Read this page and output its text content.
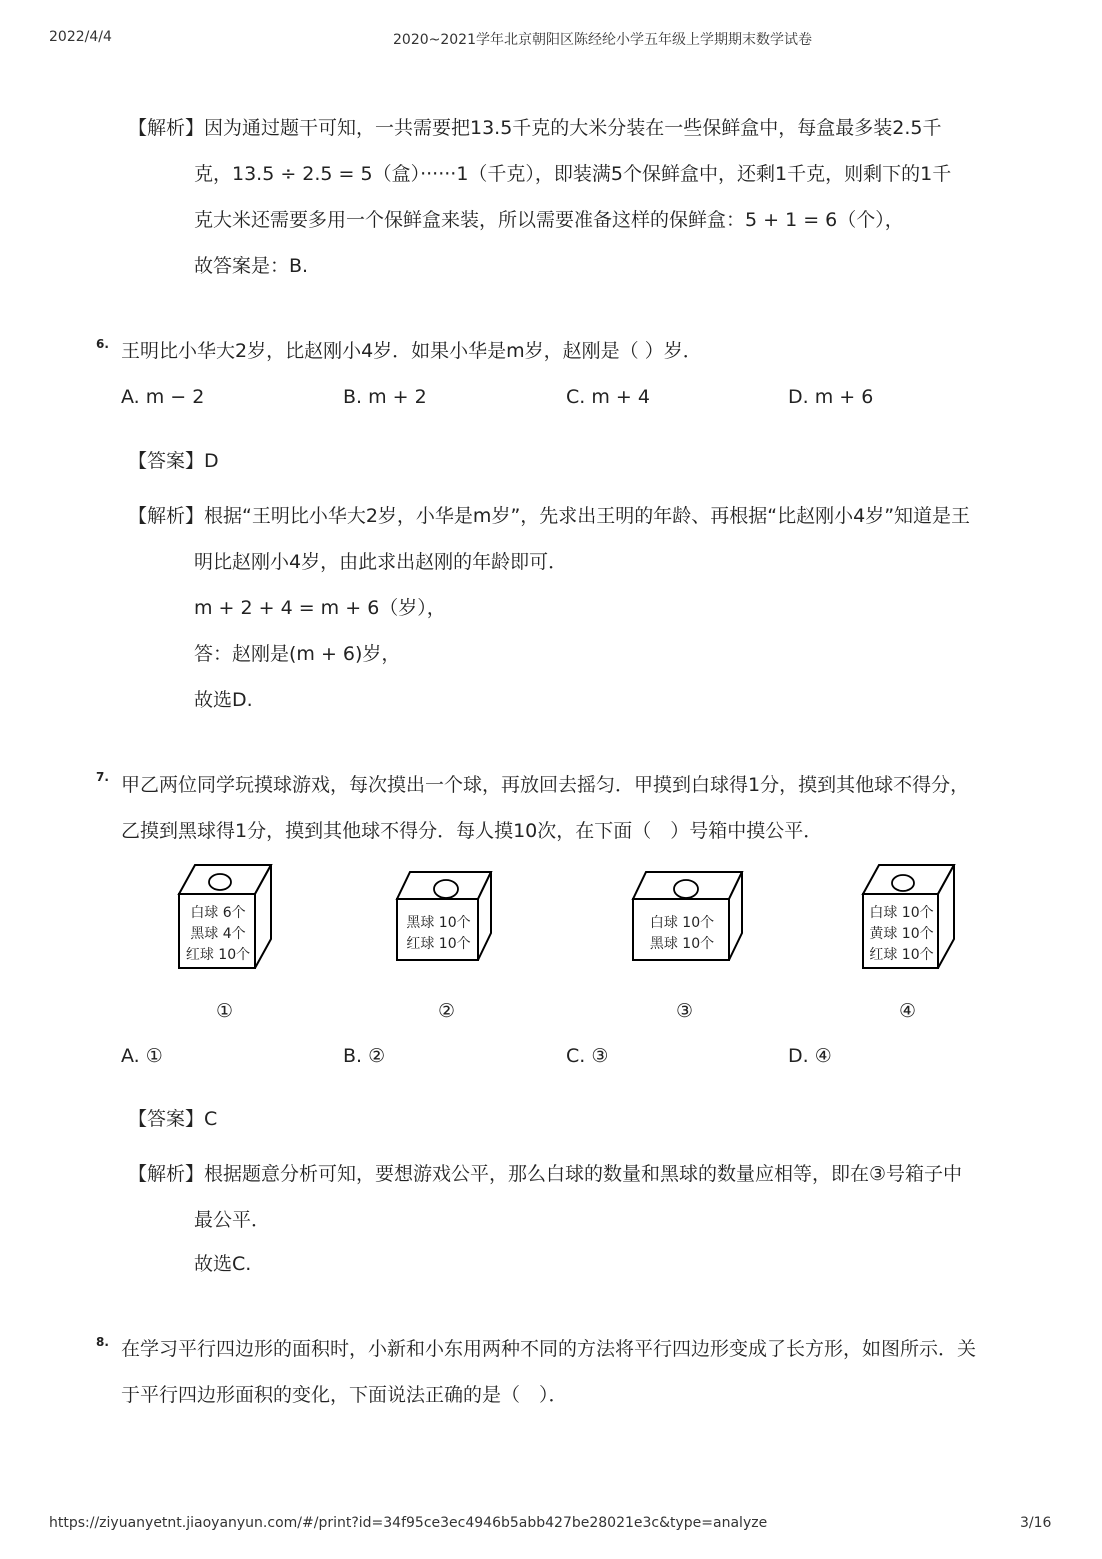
2022/4/4	2020~2021学年北京朝阳区陈经纶小学五年级上学期期末数学试卷
【解析】因为通过题干可知，一共需要把13.5千克的大米分装在一些保鲜盒中，每盒最多装2.5千
克，13.5 ÷ 2.5 = 5（盒）······1（千克），即装满5个保鲜盒中，还剩1千克，则剩下的1千
克大米还需要多用一个保鲜盒来装，所以需要准备这样的保鲜盒：5 + 1 = 6（个），
故答案是：B.
6. 王明比小华大2岁，比赵刚小4岁．如果小华是m岁，赵刚是（ ）岁．
A. m − 2	B. m + 2	C. m + 4	D. m + 6
【答案】D
【解析】根据“王明比小华大2岁，小华是m岁”，先求出王明的年龄、再根据“比赵刚小4岁”知道是王
明比赵刚小4岁，由此求出赵刚的年龄即可．
m + 2 + 4 = m + 6（岁），
答：赵刚是(m + 6)岁，
故选D.
7. 甲乙两位同学玩摸球游戏，每次摸出一个球，再放回去摇匀．甲摸到白球得1分，摸到其他球不得分，
乙摸到黑球得1分，摸到其他球不得分．每人摸10次，在下面（　）号箱中摸公平．
白球 6个
黑球 4个
红球 10个
①
黑球 10个
红球 10个
②
白球 10个
黑球 10个
③
白球 10个
黄球 10个
红球 10个
④
A. ①	B. ②	C. ③	D. ④
【答案】C
【解析】根据题意分析可知，要想游戏公平，那么白球的数量和黑球的数量应相等，即在③号箱子中
最公平．
故选C.
8. 在学习平行四边形的面积时，小新和小东用两种不同的方法将平行四边形变成了长方形，如图所示．关
于平行四边形面积的变化，下面说法正确的是（　）．
https://ziyuanyetnt.jiaoyanyun.com/#/print?id=34f95ce3ec4946b5abb427be28021e3c&type=analyze	3/16
